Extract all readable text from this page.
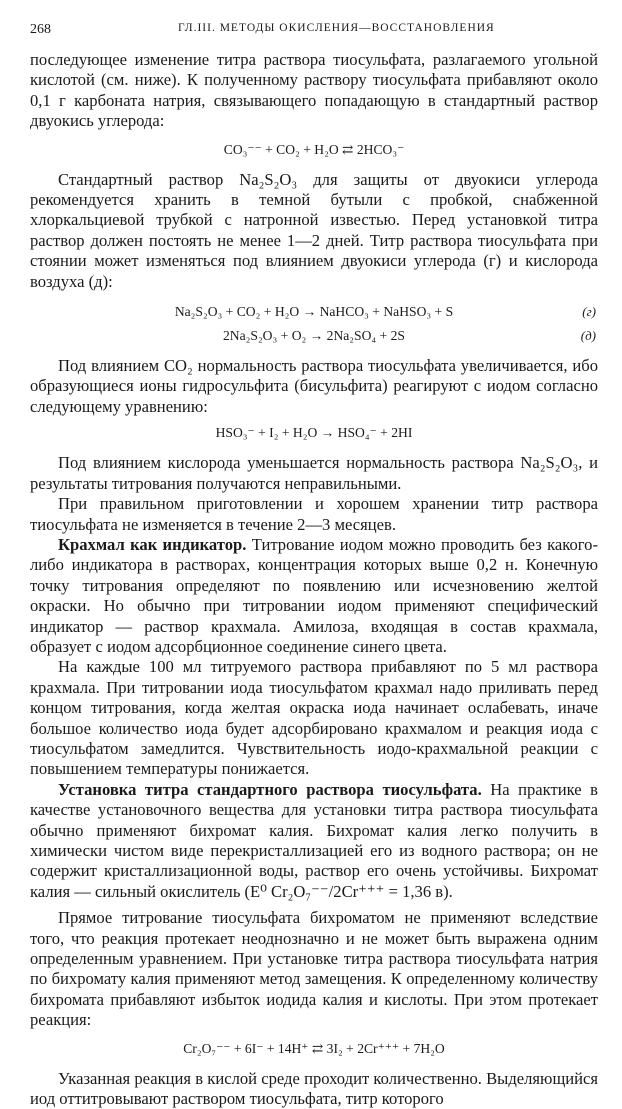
268	ГЛ.III. МЕТОДЫ ОКИСЛЕНИЯ—ВОССТАНОВЛЕНИЯ

последующее изменение титра раствора тиосульфата, разлагаемого угольной кислотой (см. ниже). К полученному раствору тиосульфата прибавляют около 0,1 г карбоната натрия, связывающего попадающую в стандартный раствор двуокись углерода:

CO₃⁻⁻ + CO₂ + H₂O ⇄ 2HCO₃⁻

Стандартный раствор Na₂S₂O₃ для защиты от двуокиси углерода рекомендуется хранить в темной бутыли с пробкой, снабженной хлоркальциевой трубкой с натронной известью. Перед установкой титра раствор должен постоять не менее 1—2 дней. Титр раствора тиосульфата при стоянии может изменяться под влиянием двуокиси углерода (г) и кислорода воздуха (д):

Na₂S₂O₃ + CO₂ + H₂O → NaHCO₃ + NaHSO₃ + S	(г)
2Na₂S₂O₃ + O₂ → 2Na₂SO₄ + 2S	(д)

Под влиянием CO₂ нормальность раствора тиосульфата увеличивается, ибо образующиеся ионы гидросульфита (бисульфита) реагируют с иодом согласно следующему уравнению:

HSO₃⁻ + I₂ + H₂O → HSO₄⁻ + 2HI

Под влиянием кислорода уменьшается нормальность раствора Na₂S₂O₃, и результаты титрования получаются неправильными.

При правильном приготовлении и хорошем хранении титр раствора тиосульфата не изменяется в течение 2—3 месяцев.

Крахмал как индикатор. Титрование иодом можно проводить без какого-либо индикатора в растворах, концентрация которых выше 0,2 н. Конечную точку титрования определяют по появлению или исчезновению желтой окраски. Но обычно при титровании иодом применяют специфический индикатор — раствор крахмала. Амилоза, входящая в состав крахмала, образует с иодом адсорбционное соединение синего цвета.

На каждые 100 мл титруемого раствора прибавляют по 5 мл раствора крахмала. При титровании иода тиосульфатом крахмал надо приливать перед концом титрования, когда желтая окраска иода начинает ослабевать, иначе большое количество иода будет адсорбировано крахмалом и реакция иода с тиосульфатом замедлится. Чувствительность иодо-крахмальной реакции с повышением температуры понижается.

Установка титра стандартного раствора тиосульфата. На практике в качестве установочного вещества для установки титра раствора тиосульфата обычно применяют бихромат калия. Бихромат калия легко получить в химически чистом виде перекристаллизацией его из водного раствора; он не содержит кристаллизационной воды, раствор его очень устойчивы. Бихромат калия — сильный окислитель (E⁰ Cr₂O₇⁻⁻/2Cr⁺⁺⁺ = 1,36 в).

Прямое титрование тиосульфата бихроматом не применяют вследствие того, что реакция протекает неоднозначно и не может быть выражена одним определенным уравнением. При установке титра раствора тиосульфата натрия по бихромату калия применяют метод замещения. К определенному количеству бихромата прибавляют избыток иодида калия и кислоты. При этом протекает реакция:

Cr₂O₇⁻⁻ + 6I⁻ + 14H⁺ ⇄ 3I₂ + 2Cr⁺⁺⁺ + 7H₂O

Указанная реакция в кислой среде проходит количественно. Выделяющийся иод оттитровывают раствором тиосульфата, титр которого
